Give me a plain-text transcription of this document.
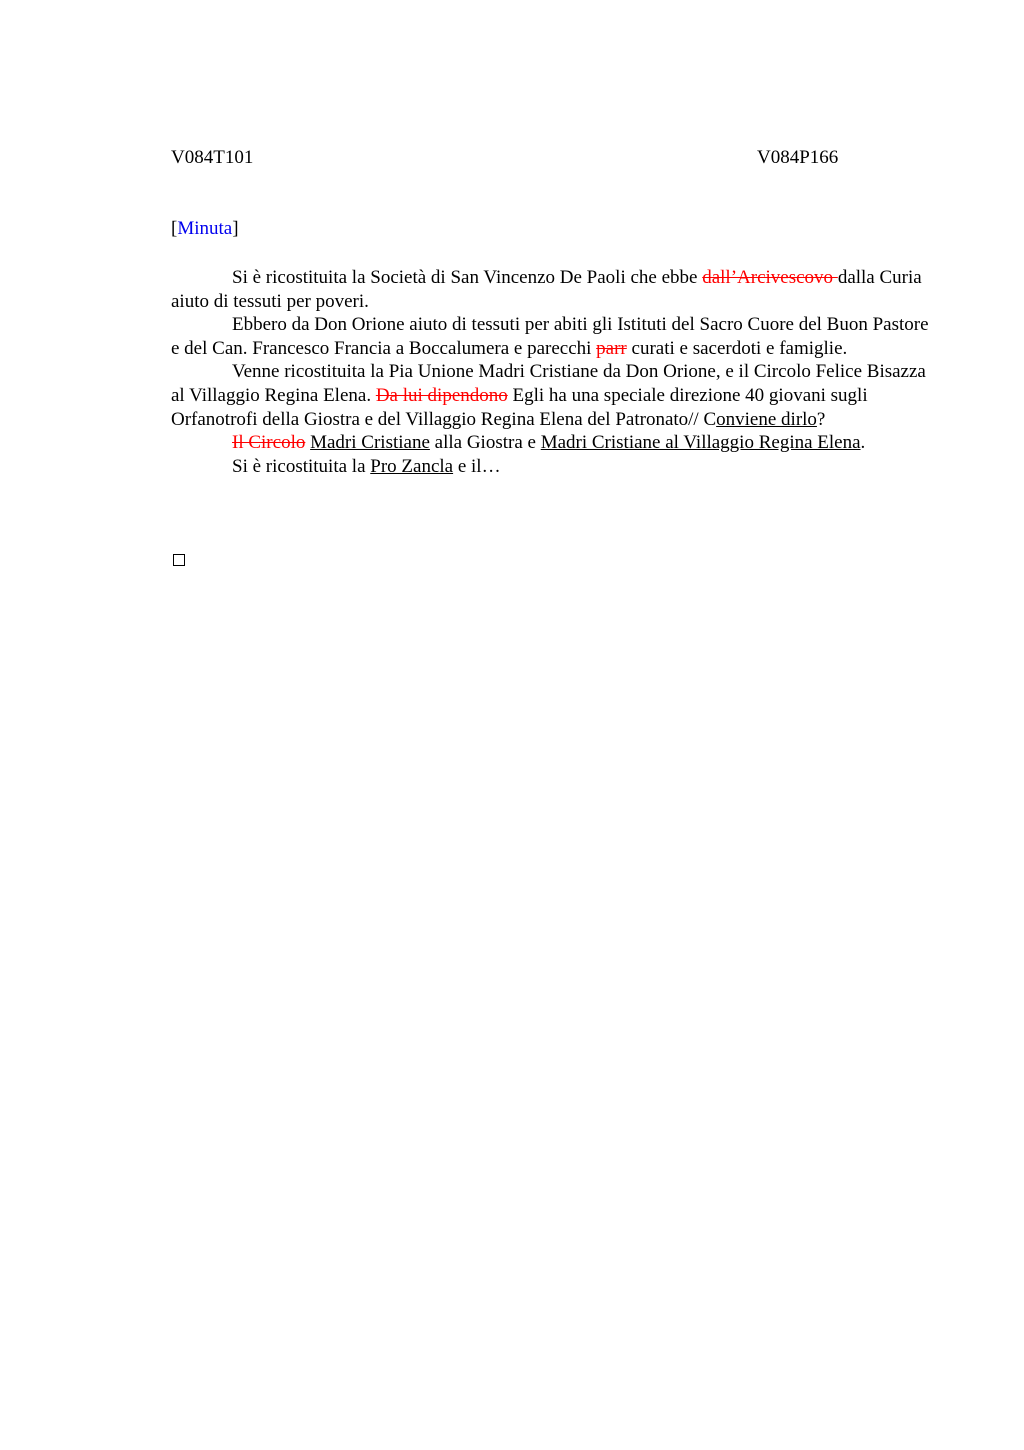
V084T101	V084P166
[Minuta]

Si è ricostituita la Società di San Vincenzo De Paoli che ebbe dall’Arcivescovo dalla Curia aiuto di tessuti per poveri.

Ebbero da Don Orione aiuto di tessuti per abiti gli Istituti del Sacro Cuore del Buon Pastore e del Can. Francesco Francia a Boccalumera e parecchi parr curati e sacerdoti e famiglie.

Venne ricostituita la Pia Unione Madri Cristiane da Don Orione, e il Circolo Felice Bisazza al Villaggio Regina Elena. Da lui dipendono Egli ha una speciale direzione 40 giovani sugli Orfanotrofi della Giostra e del Villaggio Regina Elena del Patronato// Conviene dirlo?

Il Circolo Madri Cristiane alla Giostra e Madri Cristiane al Villaggio Regina Elena.

Si è ricostituita la Pro Zancla e il…
